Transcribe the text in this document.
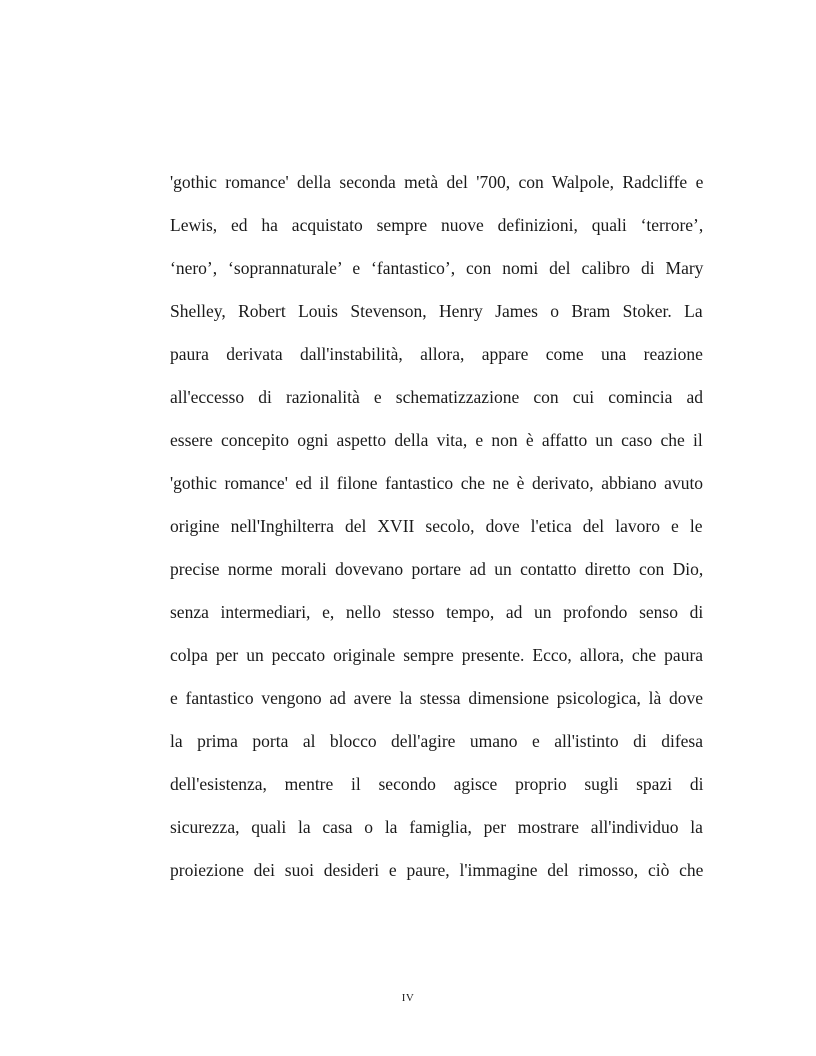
'gothic romance' della seconda metà del '700, con Walpole, Radcliffe e
Lewis, ed ha acquistato sempre nuove definizioni, quali ‘terrore’,
‘nero’, ‘soprannaturale’ e ‘fantastico’, con nomi del calibro di Mary
Shelley, Robert Louis Stevenson, Henry James o Bram Stoker. La
paura derivata dall'instabilità, allora, appare come una reazione
all'eccesso di razionalità e schematizzazione con cui comincia ad
essere concepito ogni aspetto della vita, e non è affatto un caso che il
'gothic romance' ed il filone fantastico che ne è derivato, abbiano avuto
origine nell'Inghilterra del XVII secolo, dove l'etica del lavoro e le
precise norme morali dovevano portare ad un contatto diretto con Dio,
senza intermediari, e, nello stesso tempo, ad un profondo senso di
colpa per un peccato originale sempre presente. Ecco, allora, che paura
e fantastico vengono ad avere la stessa dimensione psicologica, là dove
la prima porta al blocco dell'agire umano e all'istinto di difesa
dell'esistenza, mentre il secondo agisce proprio sugli spazi di
sicurezza, quali la casa o la famiglia, per mostrare all'individuo la
proiezione dei suoi desideri e paure, l'immagine del rimosso, ciò che
IV
